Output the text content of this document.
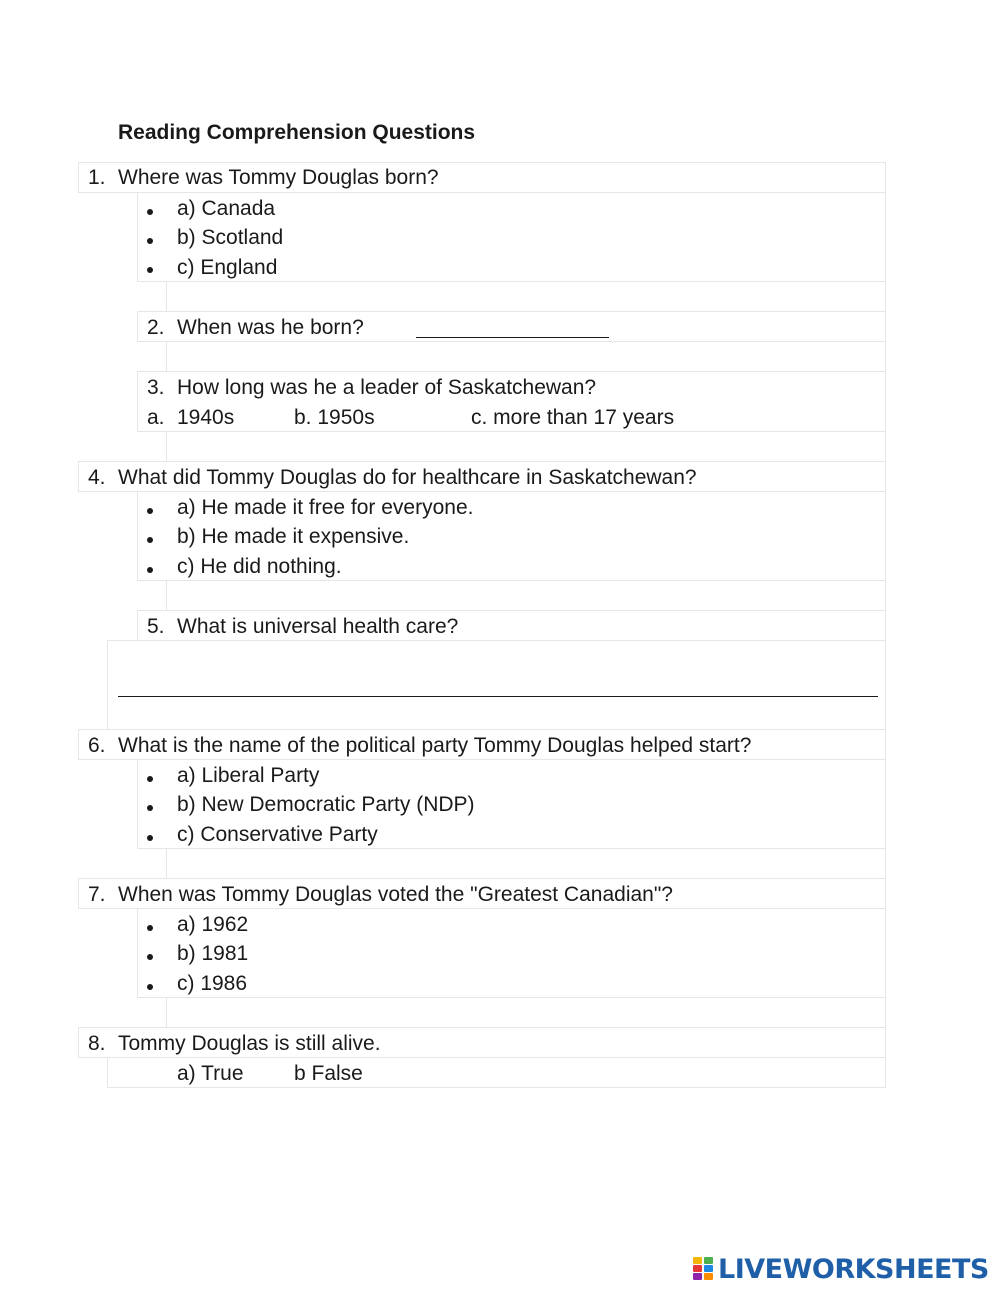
Reading Comprehension Questions
1. Where was Tommy Douglas born?
a) Canada
b) Scotland
c) England
2. When was he born?
3. How long was he a leader of Saskatchewan?
a. 1940s	b. 1950s	c. more than 17 years
4. What did Tommy Douglas do for healthcare in Saskatchewan?
a) He made it free for everyone.
b) He made it expensive.
c) He did nothing.
5. What is universal health care?
6. What is the name of the political party Tommy Douglas helped start?
a) Liberal Party
b) New Democratic Party (NDP)
c) Conservative Party
7. When was Tommy Douglas voted the "Greatest Canadian"?
a) 1962
b) 1981
c) 1986
8. Tommy Douglas is still alive.
a) True b False
LIVEWORKSHEETS
